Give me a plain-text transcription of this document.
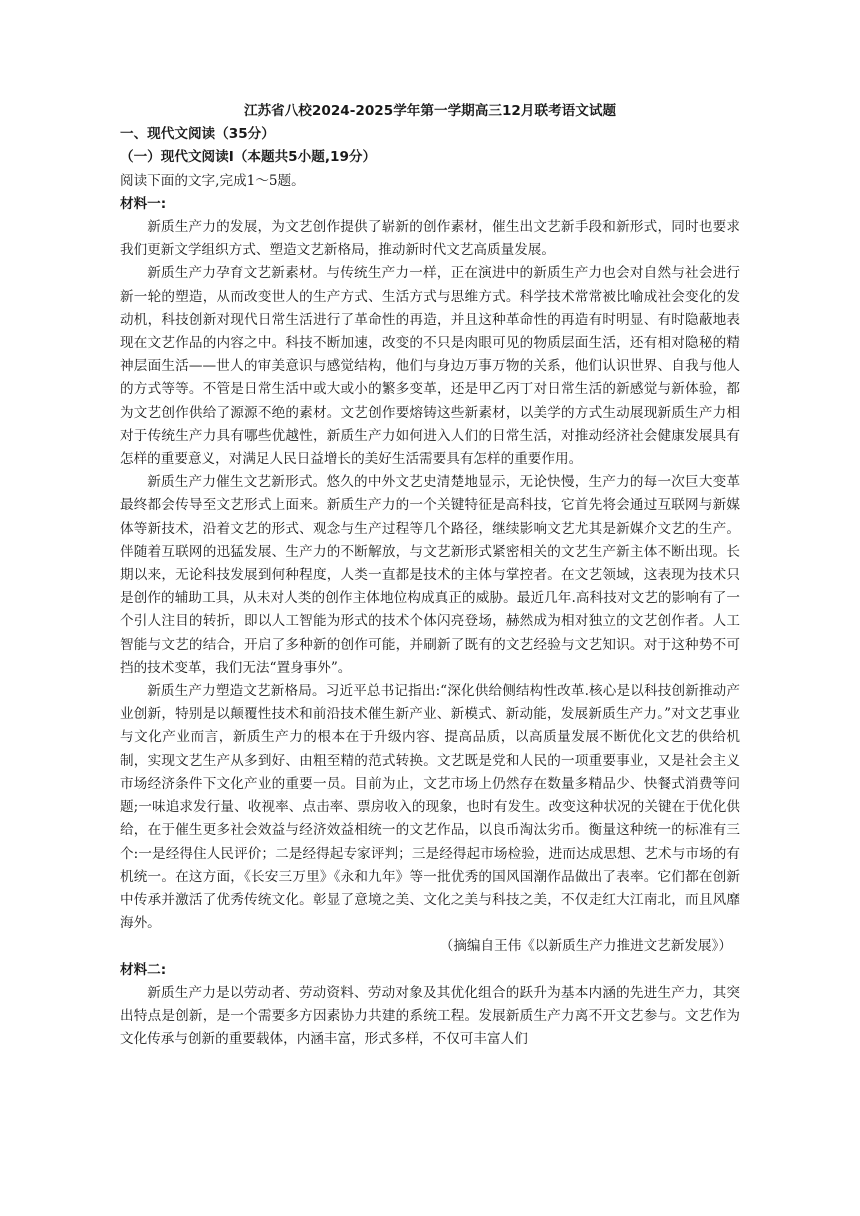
江苏省八校2024-2025学年第一学期高三12月联考语文试题

一、现代文阅读（35分）

（一）现代文阅读Ⅰ（本题共5小题,19分）

阅读下面的文字,完成1～5题。

材料一:

新质生产力的发展，为文艺创作提供了崭新的创作素材，催生出文艺新手段和新形式，同时也要求我们更新文学组织方式、塑造文艺新格局，推动新时代文艺高质量发展。

新质生产力孕育文艺新素材。与传统生产力一样，正在演进中的新质生产力也会对自然与社会进行新一轮的塑造，从而改变世人的生产方式、生活方式与思维方式。科学技术常常被比喻成社会变化的发动机，科技创新对现代日常生活进行了革命性的再造，并且这种革命性的再造有时明显、有时隐蔽地表现在文艺作品的内容之中。科技不断加速，改变的不只是肉眼可见的物质层面生活，还有相对隐秘的精神层面生活——世人的审美意识与感觉结构，他们与身边万事万物的关系，他们认识世界、自我与他人的方式等等。不管是日常生活中或大或小的繁多变革，还是甲乙丙丁对日常生活的新感觉与新体验，都为文艺创作供给了源源不绝的素材。文艺创作要熔铸这些新素材，以美学的方式生动展现新质生产力相对于传统生产力具有哪些优越性，新质生产力如何进入人们的日常生活，对推动经济社会健康发展具有怎样的重要意义，对满足人民日益增长的美好生活需要具有怎样的重要作用。

新质生产力催生文艺新形式。悠久的中外文艺史清楚地显示，无论快慢，生产力的每一次巨大变革最终都会传导至文艺形式上面来。新质生产力的一个关键特征是高科技，它首先将会通过互联网与新媒体等新技术，沿着文艺的形式、观念与生产过程等几个路径，继续影响文艺尤其是新媒介文艺的生产。伴随着互联网的迅猛发展、生产力的不断解放，与文艺新形式紧密相关的文艺生产新主体不断出现。长期以来，无论科技发展到何种程度，人类一直都是技术的主体与掌控者。在文艺领域，这表现为技术只是创作的辅助工具，从未对人类的创作主体地位构成真正的威胁。最近几年.高科技对文艺的影响有了一个引人注目的转折，即以人工智能为形式的技术个体闪亮登场，赫然成为相对独立的文艺创作者。人工智能与文艺的结合，开启了多种新的创作可能，并刷新了既有的文艺经验与文艺知识。对于这种势不可挡的技术变革，我们无法“置身事外”。

新质生产力塑造文艺新格局。习近平总书记指出:“深化供给侧结构性改革.核心是以科技创新推动产业创新，特别是以颠覆性技术和前沿技术催生新产业、新模式、新动能，发展新质生产力。”对文艺事业与文化产业而言，新质生产力的根本在于升级内容、提高品质，以高质量发展不断优化文艺的供给机制，实现文艺生产从多到好、由粗至精的范式转换。文艺既是党和人民的一项重要事业，又是社会主义市场经济条件下文化产业的重要一员。目前为止，文艺市场上仍然存在数量多精品少、快餐式消费等问题;一味追求发行量、收视率、点击率、票房收入的现象，也时有发生。改变这种状况的关键在于优化供给，在于催生更多社会效益与经济效益相统一的文艺作品，以良币淘汰劣币。衡量这种统一的标准有三个:一是经得住人民评价；二是经得起专家评判；三是经得起市场检验，进而达成思想、艺术与市场的有机统一。在这方面，《长安三万里》《永和九年》等一批优秀的国风国潮作品做出了表率。它们都在创新中传承并激活了优秀传统文化。彰显了意境之美、文化之美与科技之美，不仅走红大江南北，而且风靡海外。

（摘编自王伟《以新质生产力推进文艺新发展》）

材料二:

新质生产力是以劳动者、劳动资料、劳动对象及其优化组合的跃升为基本内涵的先进生产力，其突出特点是创新，是一个需要多方因素协力共建的系统工程。发展新质生产力离不开文艺参与。文艺作为文化传承与创新的重要载体，内涵丰富，形式多样，不仅可丰富人们
